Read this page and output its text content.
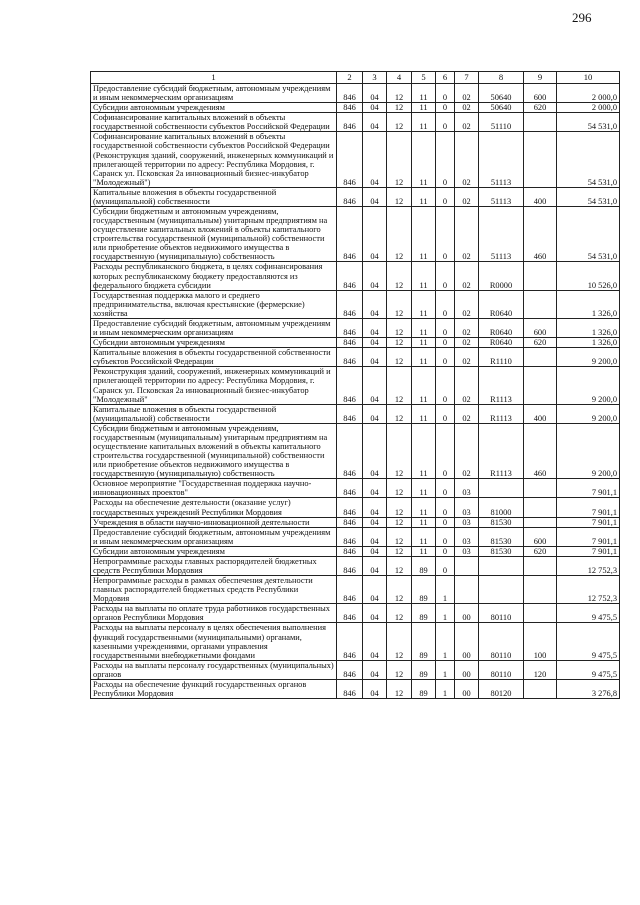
296
1	2	3	4	5	6	7	8	9	10
Предоставление субсидий бюджетным, автономным учреждениям и иным некоммерческим организациям	846	04	12	11	0	02	50640	600	2 000,0
Субсидии автономным учреждениям	846	04	12	11	0	02	50640	620	2 000,0
Софинансирование капитальных вложений в объекты государственной собственности субъектов Российской Федерации	846	04	12	11	0	02	51110		54 531,0
Софинансирование капитальных вложений в объекты государственной собственности субъектов Российской Федерации (Реконструкция зданий, сооружений, инженерных коммуникаций и прилегающей территории по адресу: Республика Мордовия, г. Саранск ул. Псковская 2а инновационный бизнес-инкубатор "Молодежный")	846	04	12	11	0	02	51113		54 531,0
Капитальные вложения в объекты государственной (муниципальной) собственности	846	04	12	11	0	02	51113	400	54 531,0
Субсидии бюджетным и автономным учреждениям, государственным (муниципальным) унитарным предприятиям на осуществление капитальных вложений в объекты капитального строительства государственной (муниципальной) собственности или приобретение объектов недвижимого имущества в государственную (муниципальную) собственность	846	04	12	11	0	02	51113	460	54 531,0
Расходы республиканского бюджета, в целях софинансирования которых республиканскому бюджету предоставляются из федерального бюджета субсидии	846	04	12	11	0	02	R0000		10 526,0
Государственная поддержка малого и среднего предпринимательства, включая крестьянские (фермерские) хозяйства	846	04	12	11	0	02	R0640		1 326,0
Предоставление субсидий бюджетным, автономным учреждениям и иным некоммерческим организациям	846	04	12	11	0	02	R0640	600	1 326,0
Субсидии автономным учреждениям	846	04	12	11	0	02	R0640	620	1 326,0
Капитальные вложения в объекты государственной собственности субъектов Российской Федерации	846	04	12	11	0	02	R1110		9 200,0
Реконструкция зданий, сооружений, инженерных коммуникаций и прилегающей территории по адресу: Республика Мордовия, г. Саранск ул. Псковская 2а инновационный бизнес-инкубатор "Молодежный"	846	04	12	11	0	02	R1113		9 200,0
Капитальные вложения в объекты государственной (муниципальной) собственности	846	04	12	11	0	02	R1113	400	9 200,0
Субсидии бюджетным и автономным учреждениям, государственным (муниципальным) унитарным предприятиям на осуществление капитальных вложений в объекты капитального строительства государственной (муниципальной) собственности или приобретение объектов недвижимого имущества в государственную (муниципальную) собственность	846	04	12	11	0	02	R1113	460	9 200,0
Основное мероприятие "Государственная поддержка научно-инновационных проектов"	846	04	12	11	0	03			7 901,1
Расходы на обеспечение деятельности (оказание услуг) государственных учреждений Республики Мордовия	846	04	12	11	0	03	81000		7 901,1
Учреждения в области научно-инновационной деятельности	846	04	12	11	0	03	81530		7 901,1
Предоставление субсидий бюджетным, автономным учреждениям и иным некоммерческим организациям	846	04	12	11	0	03	81530	600	7 901,1
Субсидии автономным учреждениям	846	04	12	11	0	03	81530	620	7 901,1
Непрограммные расходы главных распорядителей бюджетных средств Республики Мордовия	846	04	12	89	0				12 752,3
Непрограммные расходы в рамках обеспечения деятельности главных распорядителей бюджетных средств Республики Мордовия	846	04	12	89	1				12 752,3
Расходы на выплаты по оплате труда работников государственных органов Республики Мордовия	846	04	12	89	1	00	80110		9 475,5
Расходы на выплаты персоналу в целях обеспечения выполнения функций государственными (муниципальными) органами, казенными учреждениями, органами управления государственными внебюджетными фондами	846	04	12	89	1	00	80110	100	9 475,5
Расходы на выплаты персоналу государственных (муниципальных) органов	846	04	12	89	1	00	80110	120	9 475,5
Расходы на обеспечение функций государственных органов Республики Мордовия	846	04	12	89	1	00	80120		3 276,8
